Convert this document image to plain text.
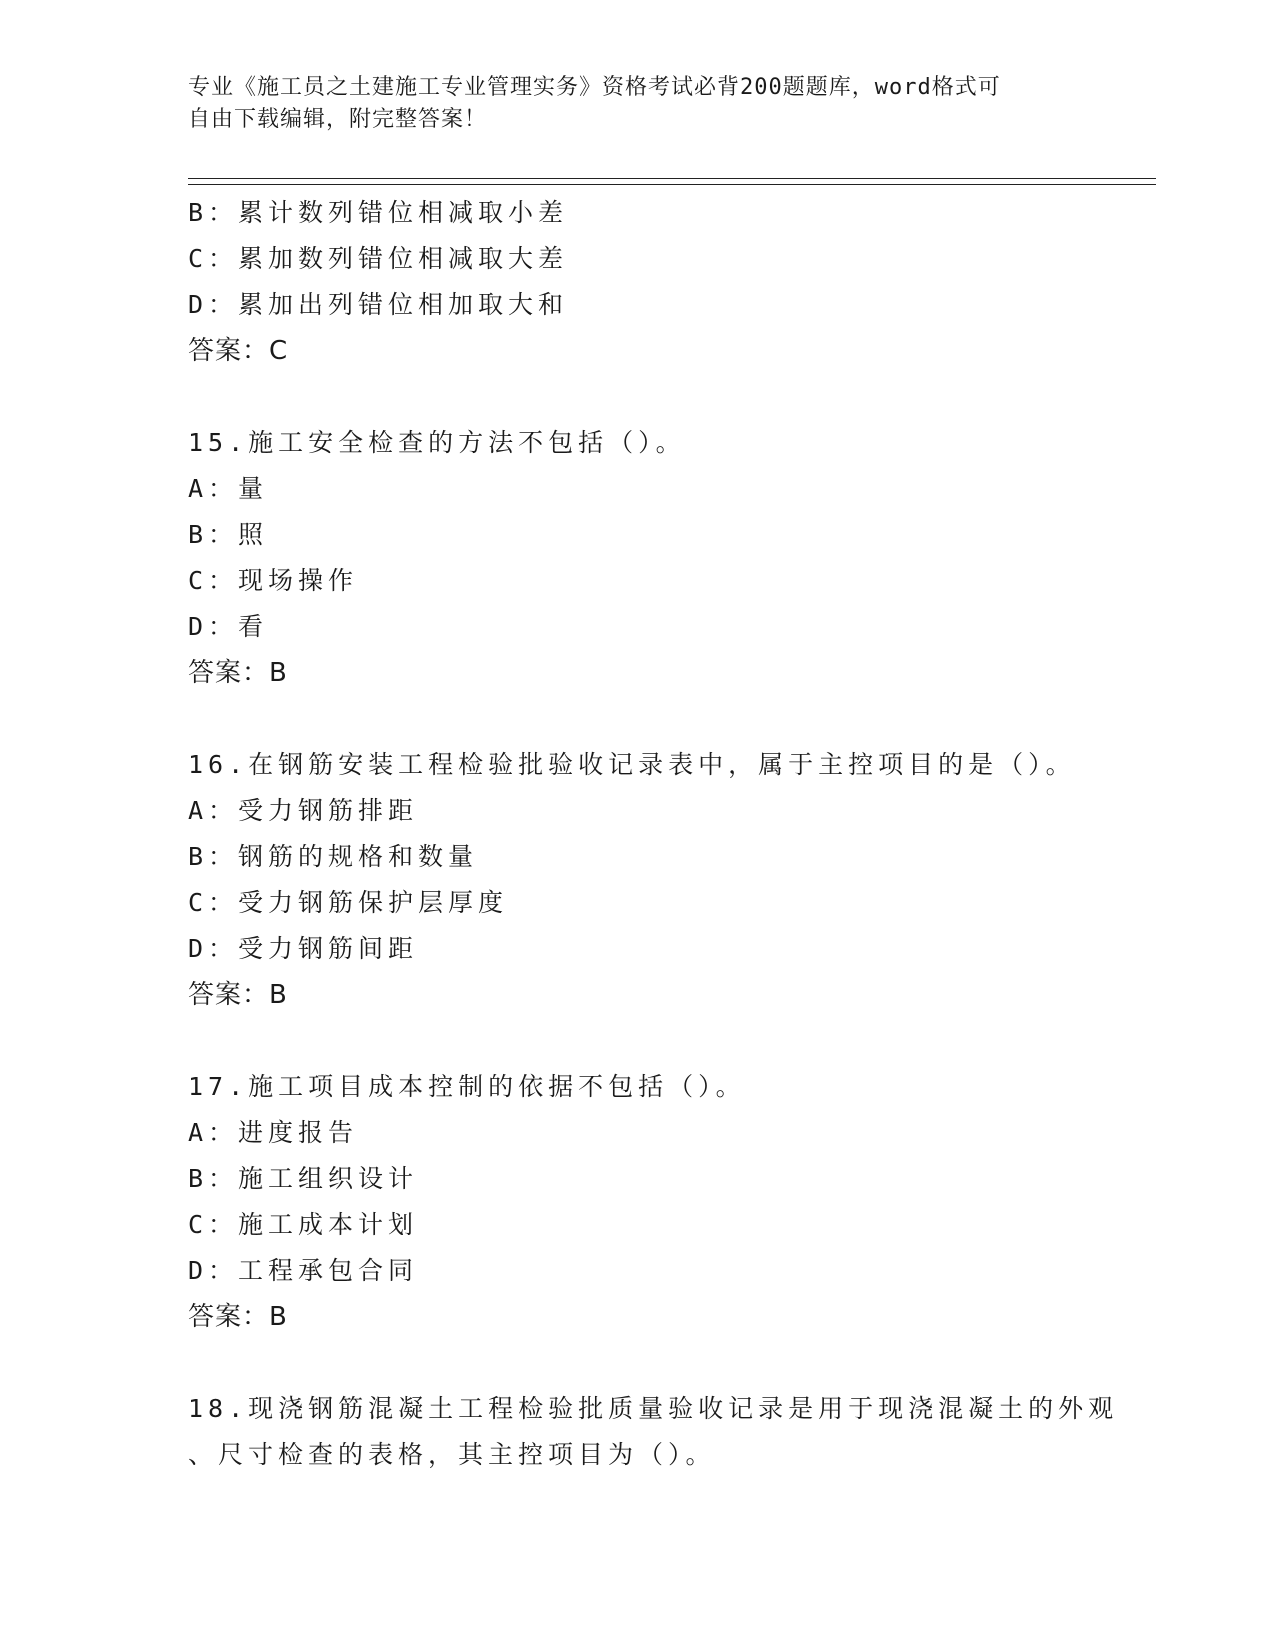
专业《施工员之土建施工专业管理实务》资格考试必背200题题库，word格式可
自由下载编辑，附完整答案！
B：累计数列错位相减取小差
C：累加数列错位相减取大差
D：累加出列错位相加取大和
答案：C
15.施工安全检查的方法不包括（）。
A：量
B：照
C：现场操作
D：看
答案：B
16.在钢筋安装工程检验批验收记录表中，属于主控项目的是（）。
A：受力钢筋排距
B：钢筋的规格和数量
C：受力钢筋保护层厚度
D：受力钢筋间距
答案：B
17.施工项目成本控制的依据不包括（）。
A：进度报告
B：施工组织设计
C：施工成本计划
D：工程承包合同
答案：B
18.现浇钢筋混凝土工程检验批质量验收记录是用于现浇混凝土的外观
、尺寸检查的表格，其主控项目为（）。
